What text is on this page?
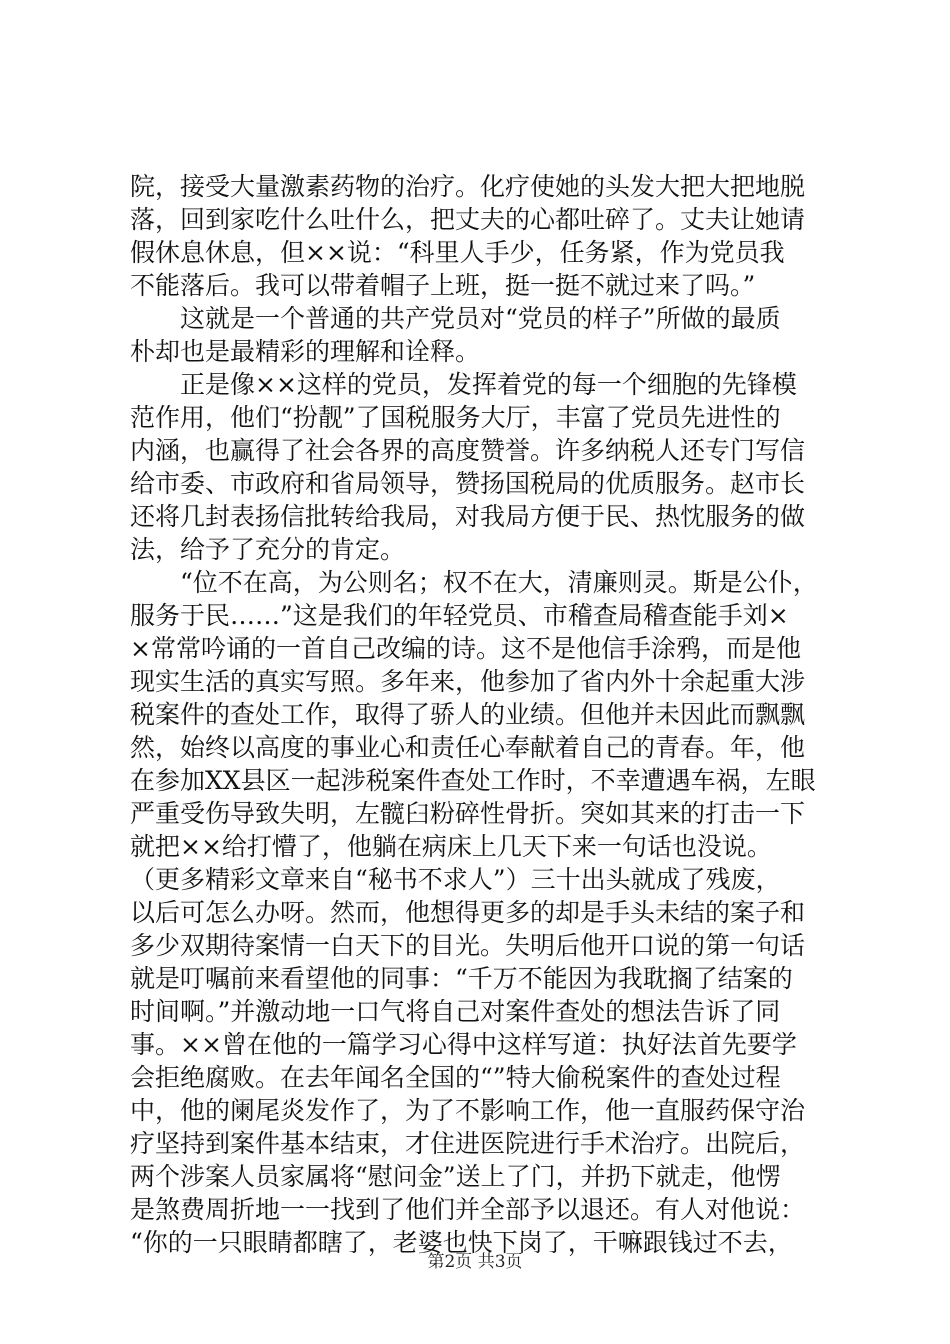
院，接受大量激素药物的治疗。化疗使她的头发大把大把地脱
落，回到家吃什么吐什么，把丈夫的心都吐碎了。丈夫让她请
假休息休息，但××说：“科里人手少，任务紧，作为党员我
不能落后。我可以带着帽子上班，挺一挺不就过来了吗。”
　　这就是一个普通的共产党员对“党员的样子”所做的最质
朴却也是最精彩的理解和诠释。
　　正是像××这样的党员，发挥着党的每一个细胞的先锋模
范作用，他们“扮靓”了国税服务大厅，丰富了党员先进性的
内涵，也赢得了社会各界的高度赞誉。许多纳税人还专门写信
给市委、市政府和省局领导，赞扬国税局的优质服务。赵市长
还将几封表扬信批转给我局，对我局方便于民、热忱服务的做
法，给予了充分的肯定。
　　“位不在高，为公则名；权不在大，清廉则灵。斯是公仆，
服务于民……”这是我们的年轻党员、市稽查局稽查能手刘×
×常常吟诵的一首自己改编的诗。这不是他信手涂鸦，而是他
现实生活的真实写照。多年来，他参加了省内外十余起重大涉
税案件的查处工作，取得了骄人的业绩。但他并未因此而飘飘
然，始终以高度的事业心和责任心奉献着自己的青春。年，他
在参加XX县区一起涉税案件查处工作时，不幸遭遇车祸，左眼
严重受伤导致失明，左髋臼粉碎性骨折。突如其来的打击一下
就把××给打懵了，他躺在病床上几天下来一句话也没说。
（更多精彩文章来自“秘书不求人”）三十出头就成了残废，
以后可怎么办呀。然而，他想得更多的却是手头未结的案子和
多少双期待案情一白天下的目光。失明后他开口说的第一句话
就是叮嘱前来看望他的同事：“千万不能因为我耽搁了结案的
时间啊。”并激动地一口气将自己对案件查处的想法告诉了同
事。××曾在他的一篇学习心得中这样写道：执好法首先要学
会拒绝腐败。在去年闻名全国的“”特大偷税案件的查处过程
中，他的阑尾炎发作了，为了不影响工作，他一直服药保守治
疗坚持到案件基本结束，才住进医院进行手术治疗。出院后，
两个涉案人员家属将“慰问金”送上了门，并扔下就走，他愣
是煞费周折地一一找到了他们并全部予以退还。有人对他说：
“你的一只眼睛都瞎了，老婆也快下岗了，干嘛跟钱过不去，
第2页 共3页
